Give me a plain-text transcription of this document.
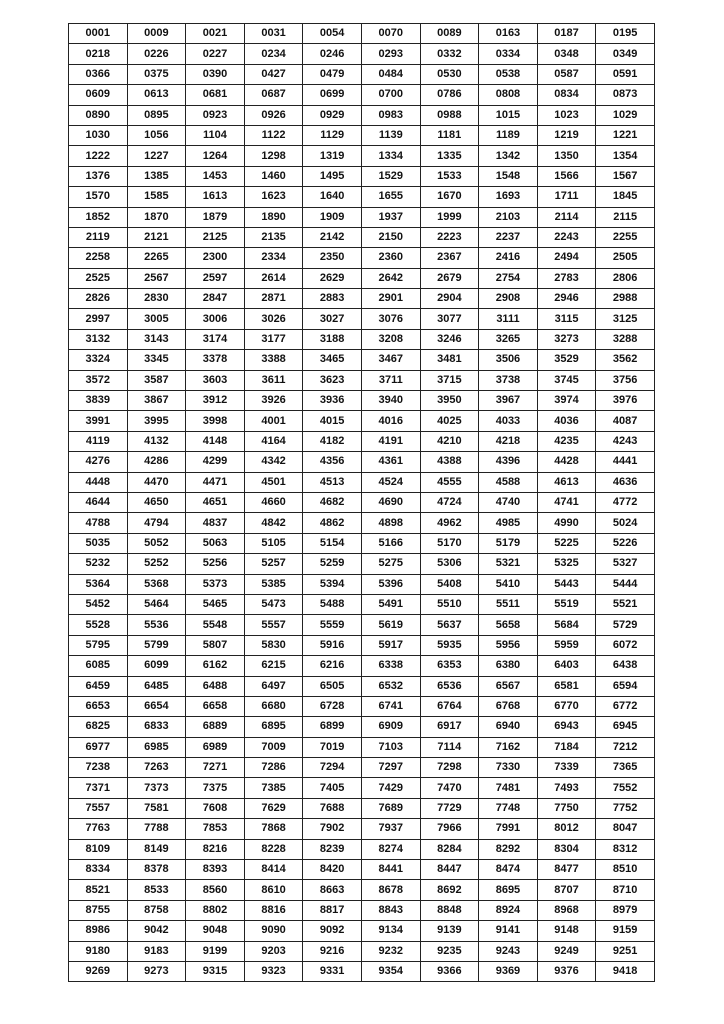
0001	0009	0021	0031	0054	0070	0089	0163	0187	0195
0218	0226	0227	0234	0246	0293	0332	0334	0348	0349
0366	0375	0390	0427	0479	0484	0530	0538	0587	0591
0609	0613	0681	0687	0699	0700	0786	0808	0834	0873
0890	0895	0923	0926	0929	0983	0988	1015	1023	1029
1030	1056	1104	1122	1129	1139	1181	1189	1219	1221
1222	1227	1264	1298	1319	1334	1335	1342	1350	1354
1376	1385	1453	1460	1495	1529	1533	1548	1566	1567
1570	1585	1613	1623	1640	1655	1670	1693	1711	1845
1852	1870	1879	1890	1909	1937	1999	2103	2114	2115
2119	2121	2125	2135	2142	2150	2223	2237	2243	2255
2258	2265	2300	2334	2350	2360	2367	2416	2494	2505
2525	2567	2597	2614	2629	2642	2679	2754	2783	2806
2826	2830	2847	2871	2883	2901	2904	2908	2946	2988
2997	3005	3006	3026	3027	3076	3077	3111	3115	3125
3132	3143	3174	3177	3188	3208	3246	3265	3273	3288
3324	3345	3378	3388	3465	3467	3481	3506	3529	3562
3572	3587	3603	3611	3623	3711	3715	3738	3745	3756
3839	3867	3912	3926	3936	3940	3950	3967	3974	3976
3991	3995	3998	4001	4015	4016	4025	4033	4036	4087
4119	4132	4148	4164	4182	4191	4210	4218	4235	4243
4276	4286	4299	4342	4356	4361	4388	4396	4428	4441
4448	4470	4471	4501	4513	4524	4555	4588	4613	4636
4644	4650	4651	4660	4682	4690	4724	4740	4741	4772
4788	4794	4837	4842	4862	4898	4962	4985	4990	5024
5035	5052	5063	5105	5154	5166	5170	5179	5225	5226
5232	5252	5256	5257	5259	5275	5306	5321	5325	5327
5364	5368	5373	5385	5394	5396	5408	5410	5443	5444
5452	5464	5465	5473	5488	5491	5510	5511	5519	5521
5528	5536	5548	5557	5559	5619	5637	5658	5684	5729
5795	5799	5807	5830	5916	5917	5935	5956	5959	6072
6085	6099	6162	6215	6216	6338	6353	6380	6403	6438
6459	6485	6488	6497	6505	6532	6536	6567	6581	6594
6653	6654	6658	6680	6728	6741	6764	6768	6770	6772
6825	6833	6889	6895	6899	6909	6917	6940	6943	6945
6977	6985	6989	7009	7019	7103	7114	7162	7184	7212
7238	7263	7271	7286	7294	7297	7298	7330	7339	7365
7371	7373	7375	7385	7405	7429	7470	7481	7493	7552
7557	7581	7608	7629	7688	7689	7729	7748	7750	7752
7763	7788	7853	7868	7902	7937	7966	7991	8012	8047
8109	8149	8216	8228	8239	8274	8284	8292	8304	8312
8334	8378	8393	8414	8420	8441	8447	8474	8477	8510
8521	8533	8560	8610	8663	8678	8692	8695	8707	8710
8755	8758	8802	8816	8817	8843	8848	8924	8968	8979
8986	9042	9048	9090	9092	9134	9139	9141	9148	9159
9180	9183	9199	9203	9216	9232	9235	9243	9249	9251
9269	9273	9315	9323	9331	9354	9366	9369	9376	9418
